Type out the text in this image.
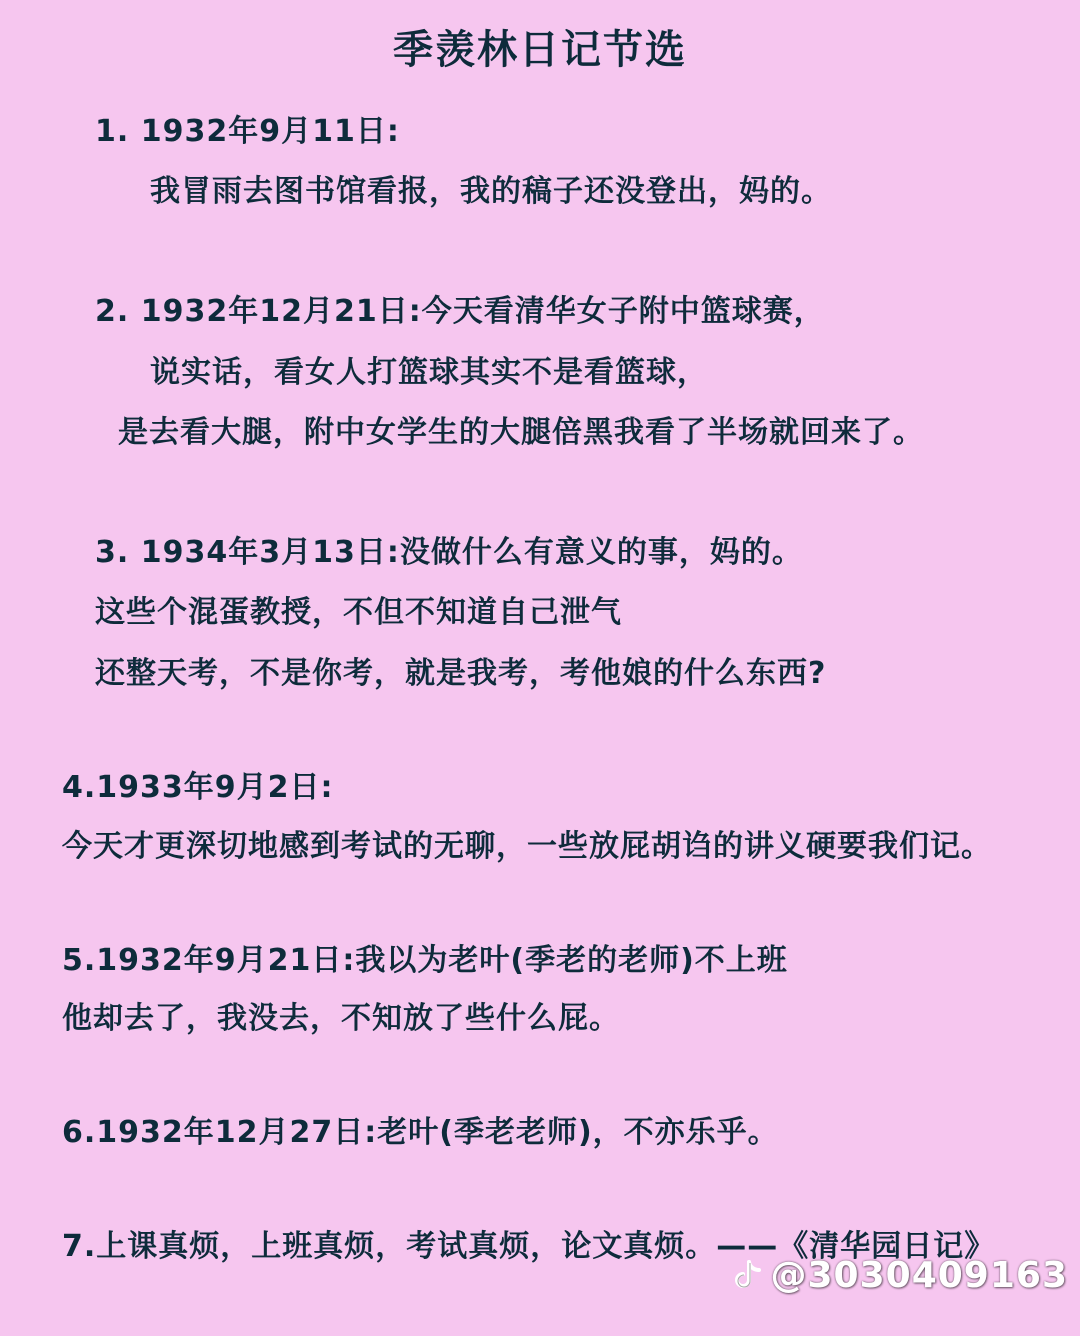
季羡林日记节选
1. 1932年9月11日:
我冒雨去图书馆看报，我的稿子还没登出，妈的。
2. 1932年12月21日:今天看清华女子附中篮球赛，
说实话，看女人打篮球其实不是看篮球，
是去看大腿，附中女学生的大腿倍黑我看了半场就回来了。
3. 1934年3月13日:没做什么有意义的事，妈的。
这些个混蛋教授，不但不知道自己泄气
还整天考，不是你考，就是我考，考他娘的什么东西?
4.1933年9月2日:
今天才更深切地感到考试的无聊，一些放屁胡诌的讲义硬要我们记。
5.1932年9月21日:我以为老叶(季老的老师)不上班
他却去了，我没去，不知放了些什么屁。
6.1932年12月27日:老叶(季老老师)，不亦乐乎。
7.上课真烦，上班真烦，考试真烦，论文真烦。——《清华园日记》
@3030409163
